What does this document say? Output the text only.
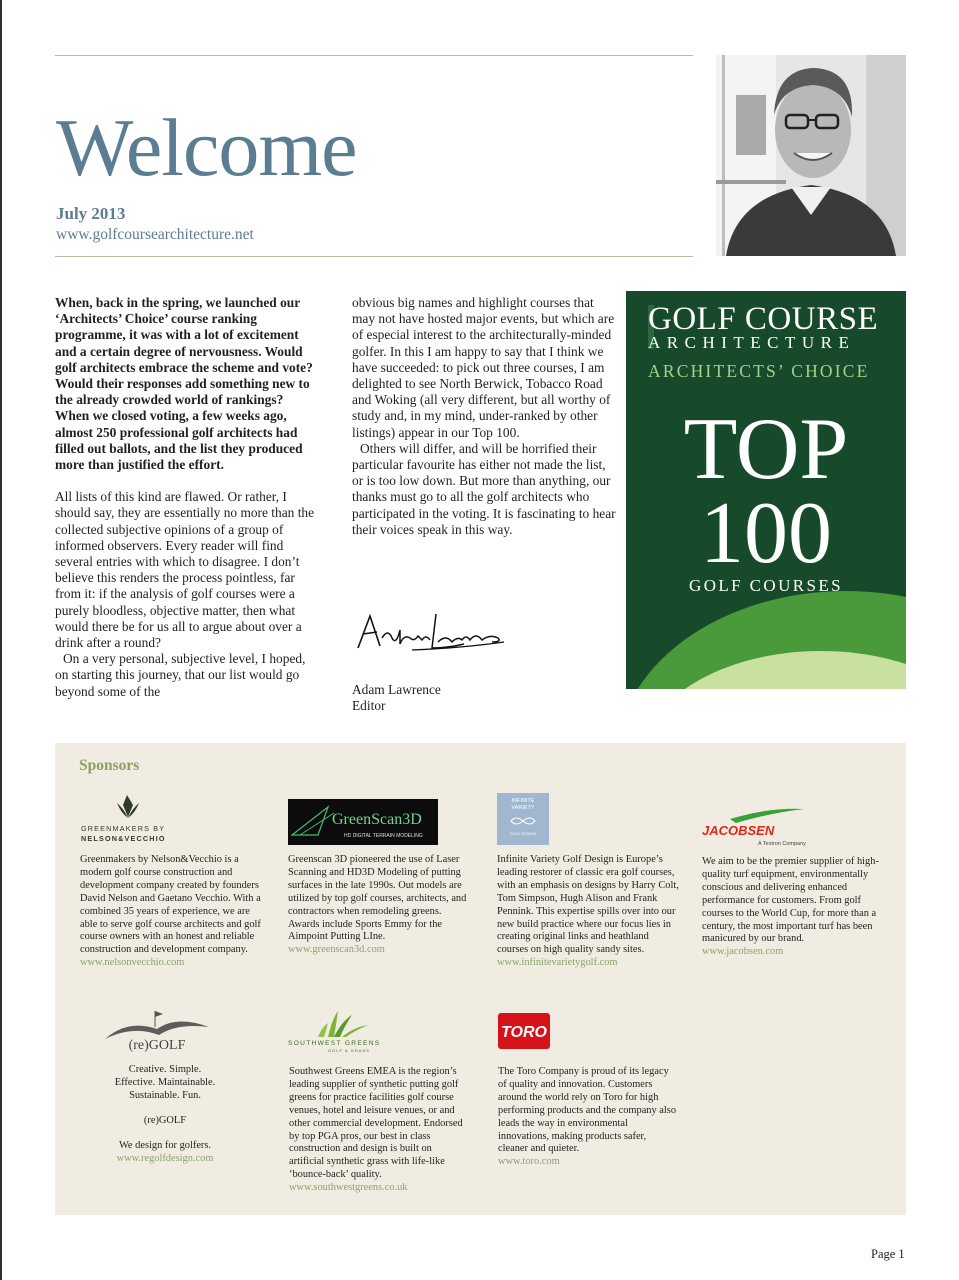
Welcome
July 2013
www.golfcoursearchitecture.net

When, back in the spring, we launched our ‘Architects’ Choice’ course ranking programme, it was with a lot of excitement and a certain degree of nervousness. Would golf architects embrace the scheme and vote? Would their responses add something new to the already crowded world of rankings? When we closed voting, a few weeks ago, almost 250 professional golf architects had filled out ballots, and the list they produced more than justified the effort.

All lists of this kind are flawed. Or rather, I should say, they are essentially no more than the collected subjective opinions of a group of informed observers. Every reader will find several entries with which to disagree. I don’t believe this renders the process pointless, far from it: if the analysis of golf courses were a purely bloodless, objective matter, then what would there be for us all to argue about over a drink after a round?

On a very personal, subjective level, I hoped, on starting this journey, that our list would go beyond some of the

obvious big names and highlight courses that may not have hosted major events, but which are of especial interest to the architecturally-minded golfer. In this I am happy to say that I think we have succeeded: to pick out three courses, I am delighted to see North Berwick, Tobacco Road and Woking (all very different, but all worthy of study and, in my mind, under-ranked by other listings) appear in our Top 100.

Others will differ, and will be horrified their particular favourite has either not made the list, or is too low down. But more than anything, our thanks must go to all the golf architects who participated in the voting. It is fascinating to hear their voices speak in this way.

Adam Lawrence
Adam Lawrence
Editor
GOLF COURSE
ARCHITECTURE
ARCHITECTS’ CHOICE
TOP
100
GOLF COURSES
Sponsors
GREENMAKERS BY
NELSON&VECCHIO
Greenmakers by Nelson&Vecchio is a modern golf course construction and development company created by founders David Nelson and Gaetano Vecchio. With a combined 35 years of experience, we are able to serve golf course architects and golf course owners with an honest and reliable construction and development company.
www.nelsonvecchio.com
GreenScan3D
HD DIGITAL TERRAIN MODELING
Greenscan 3D pioneered the use of Laser Scanning and HD3D Modeling of putting surfaces in the late 1990s. Out models are utilized by top golf courses, architects, and contractors when remodeling greens. Awards include Sports Emmy for the Aimpoint Putting LIne.
www.greenscan3d.com
INFINITE
VARIETY
GOLF DESIGN
Infinite Variety Golf Design is Europe’s leading restorer of classic era golf courses, with an emphasis on designs by Harry Colt, Tom Simpson, Hugh Alison and Frank Pennink. This expertise spills over into our new build practice where our focus lies in creating original links and heathland courses on high quality sandy sites.
www.infinitevarietygolf.com
JACOBSEN
A Textron Company
We aim to be the premier supplier of high-quality turf equipment, environmentally conscious and delivering enhanced performance for customers. From golf courses to the World Cup, for more than a century, the most important turf has been manicured by our brand.
www.jacobsen.com
(re)GOLF
Creative. Simple.
Effective. Maintainable.
Sustainable. Fun.
(re)GOLF
We design for golfers.
www.regolfdesign.com
SOUTHWEST GREENS
GOLF & GRASS
Southwest Greens EMEA is the region’s leading supplier of synthetic putting golf greens for practice facilities golf course venues, hotel and leisure venues, or and other commercial development. Endorsed by top PGA pros, our best in class construction and design is built on artificial synthetic grass with life-like ‘bounce-back’ quality.
www.southwestgreens.co.uk
TORO
The Toro Company is proud of its legacy of quality and innovation. Customers around the world rely on Toro for high performing products and the company also leads the way in environmental innovations, making products safer, cleaner and quieter.
www.toro.com
Page 1
